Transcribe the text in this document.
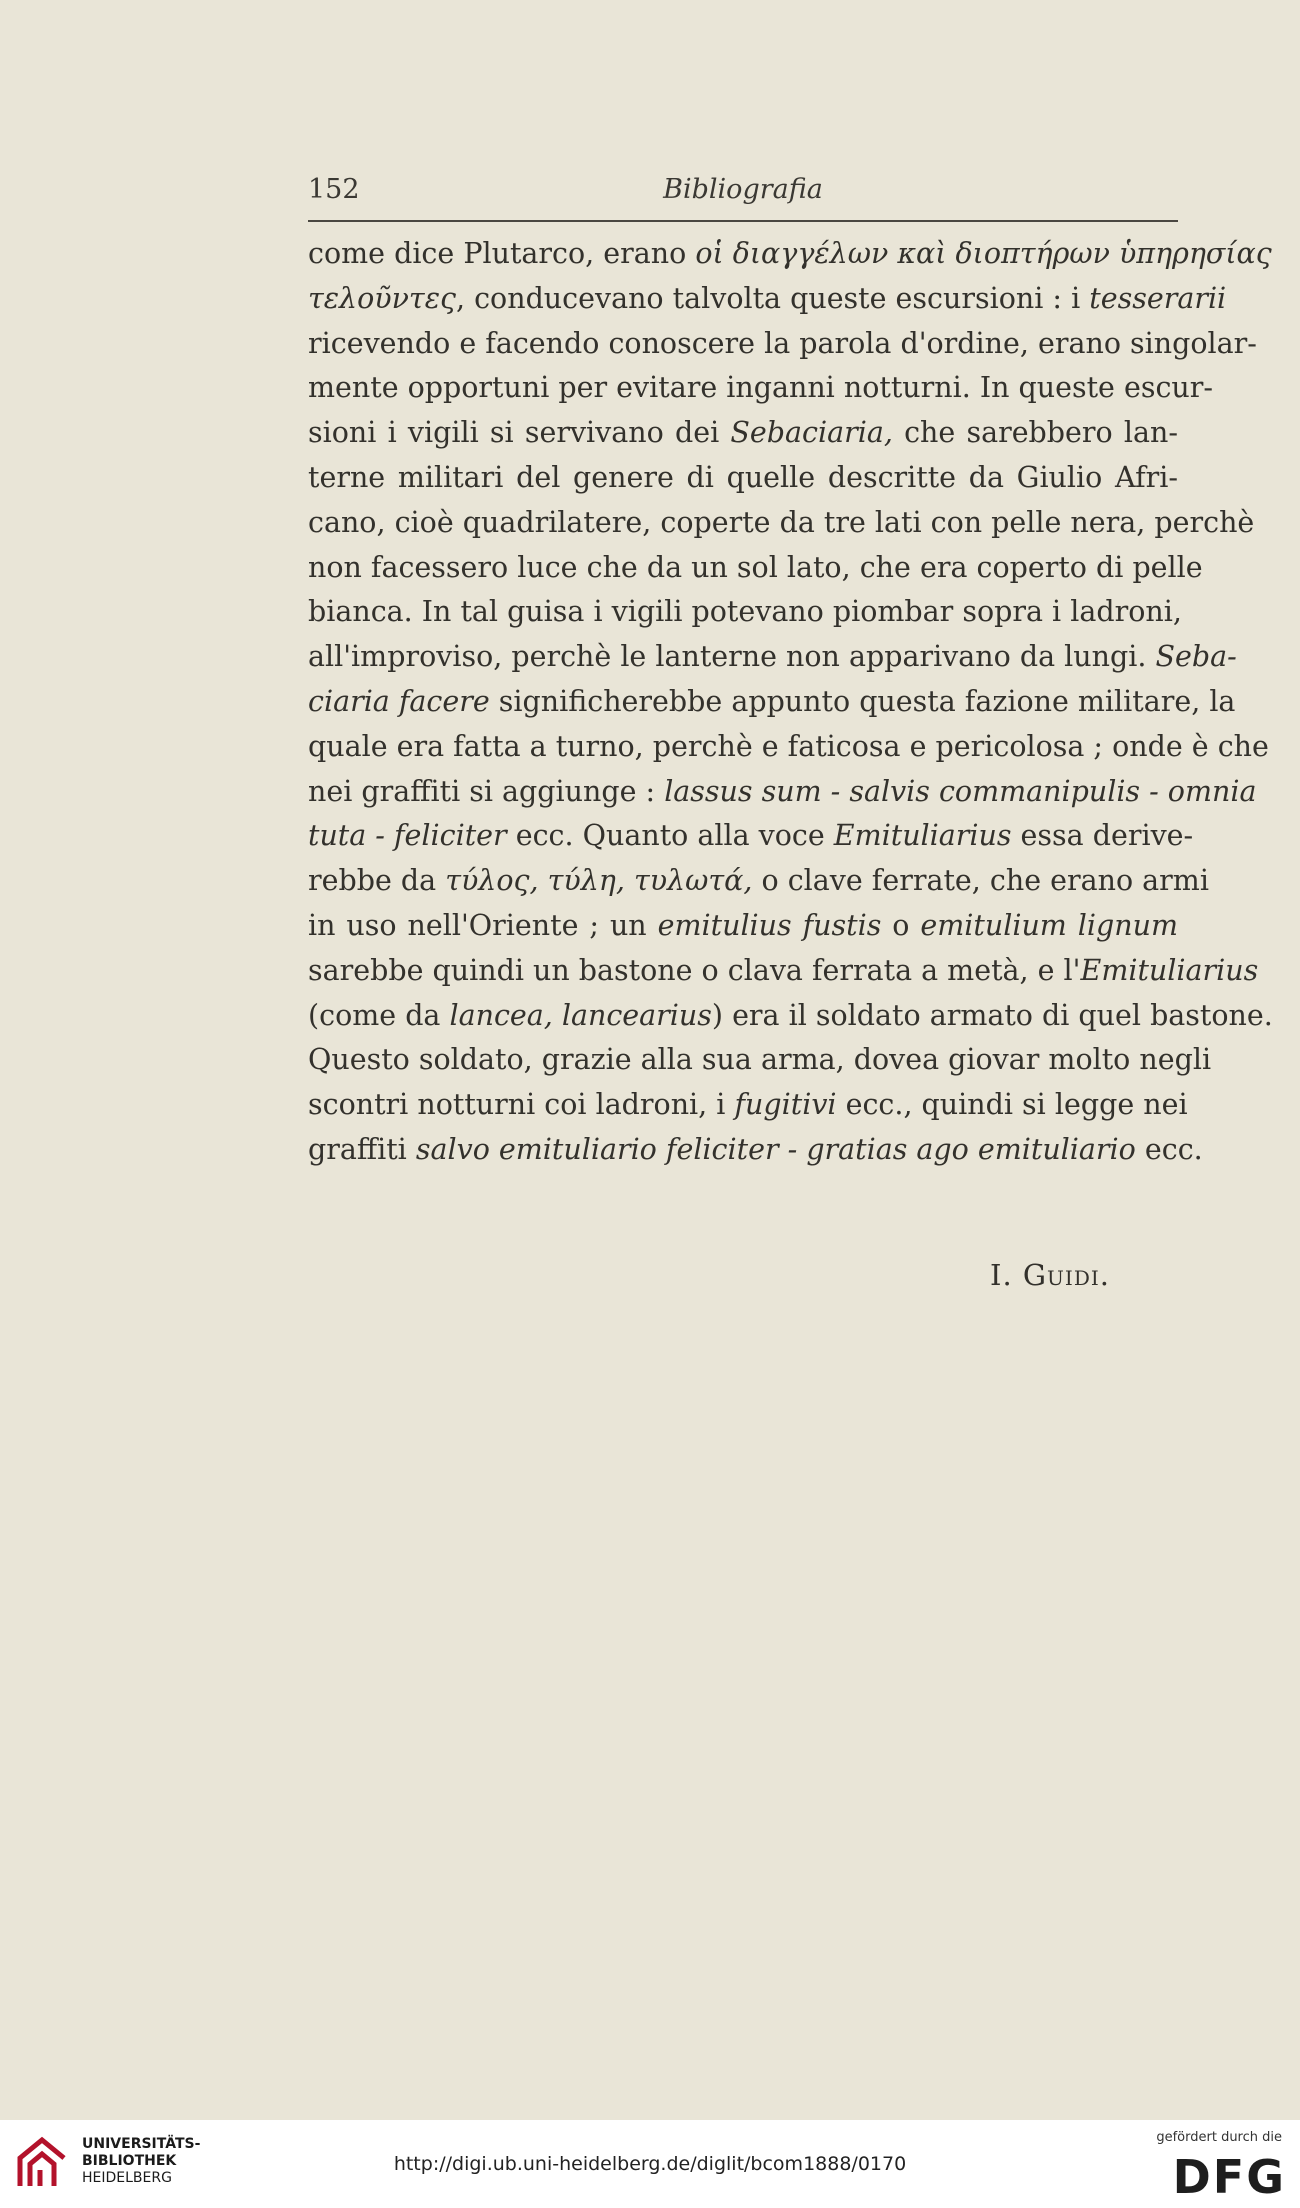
152	Bibliografia
come dice Plutarco, erano οἱ διαγγέλων καὶ διοπτήρων ὑπηρησίας
τελοῦντες, conducevano talvolta queste escursioni : i tesserarii
ricevendo e facendo conoscere la parola d'ordine, erano singolar-
mente opportuni per evitare inganni notturni. In queste escur-
sioni i vigili si servivano dei Sebaciaria, che sarebbero lan-
terne militari del genere di quelle descritte da Giulio Afri-
cano, cioè quadrilatere, coperte da tre lati con pelle nera, perchè
non facessero luce che da un sol lato, che era coperto di pelle
bianca. In tal guisa i vigili potevano piombar sopra i ladroni,
all'improviso, perchè le lanterne non apparivano da lungi. Seba-
ciaria facere significherebbe appunto questa fazione militare, la
quale era fatta a turno, perchè e faticosa e pericolosa ; onde è che
nei graffiti si aggiunge : lassus sum - salvis commanipulis - omnia
tuta - feliciter ecc. Quanto alla voce Emituliarius essa derive-
rebbe da τύλος, τύλη, τυλωτά, o clave ferrate, che erano armi
in uso nell'Oriente ; un emitulius fustis o emitulium lignum
sarebbe quindi un bastone o clava ferrata a metà, e l'Emituliarius
(come da lancea, lancearius) era il soldato armato di quel bastone.
Questo soldato, grazie alla sua arma, dovea giovar molto negli
scontri notturni coi ladroni, i fugitivi ecc., quindi si legge nei
graffiti salvo emituliario feliciter - gratias ago emituliario ecc.
I. Guidi.
UNIVERSITÄTS-
BIBLIOTHEK
HEIDELBERG
http://digi.ub.uni-heidelberg.de/diglit/bcom1888/0170
gefördert durch die
DFG
